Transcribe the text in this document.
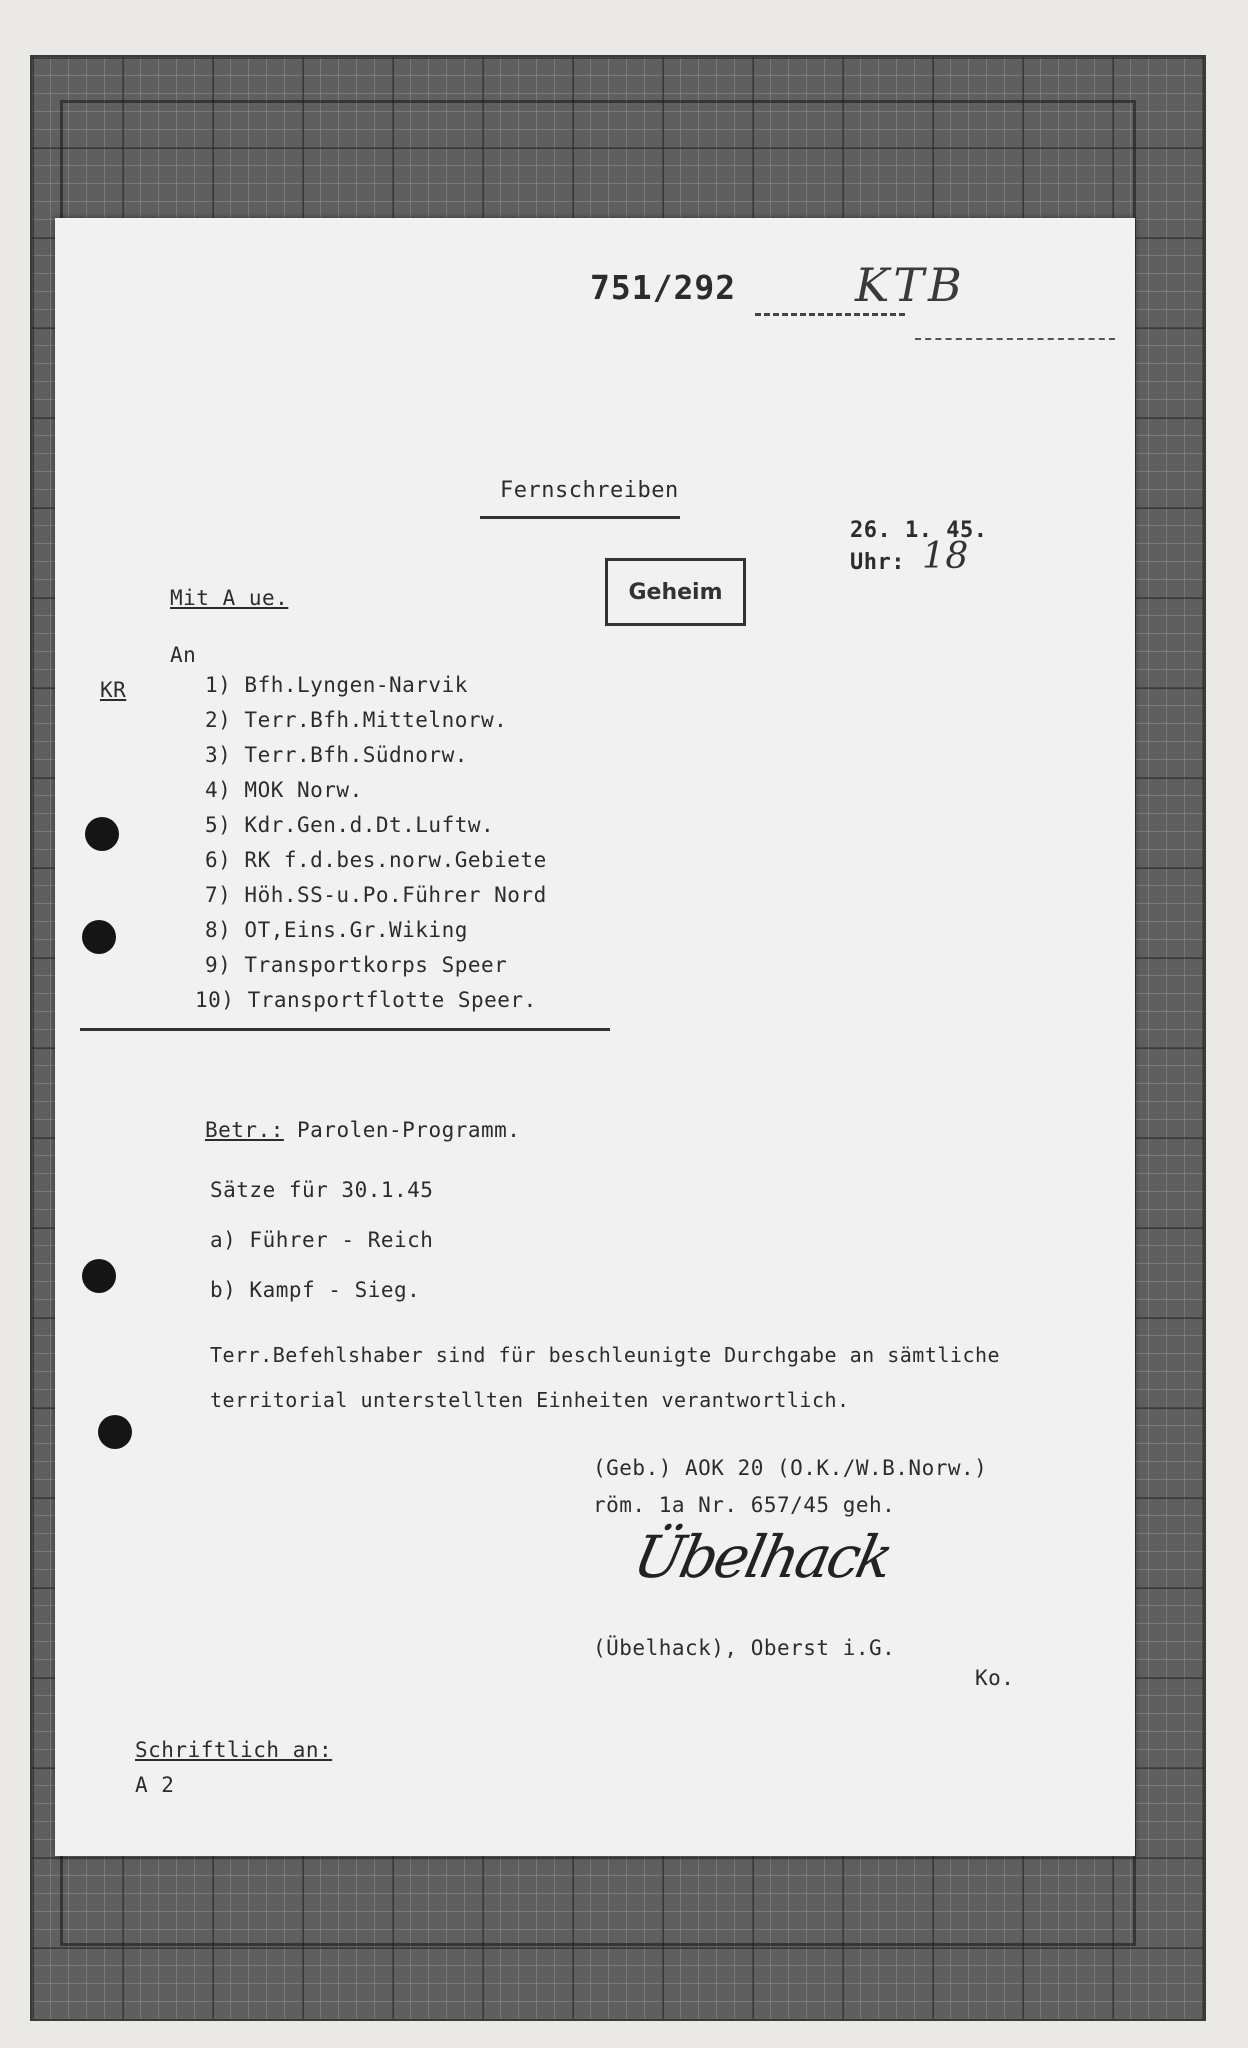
751/292	KTB
Fernschreiben
26. 1. 45.
Uhr: 18
Geheim
Mit A ue.
An
KR	1) Bfh.Lyngen-Narvik
2) Terr.Bfh.Mittelnorw.
3) Terr.Bfh.Südnorw.
4) MOK Norw.
5) Kdr.Gen.d.Dt.Luftw.
6) RK f.d.bes.norw.Gebiete
7) Höh.SS-u.Po.Führer Nord
8) OT,Eins.Gr.Wiking
9) Transportkorps Speer
10) Transportflotte Speer.
Betr.: Parolen-Programm.
Sätze für 30.1.45
a) Führer - Reich
b) Kampf - Sieg.
Terr.Befehlshaber sind für beschleunigte Durchgabe an sämtliche
territorial unterstellten Einheiten verantwortlich.
(Geb.) AOK 20 (O.K./W.B.Norw.)
röm. 1a Nr. 657/45 geh.
Übelhack
(Übelhack), Oberst i.G.
Ko.
Schriftlich an:
A 2
